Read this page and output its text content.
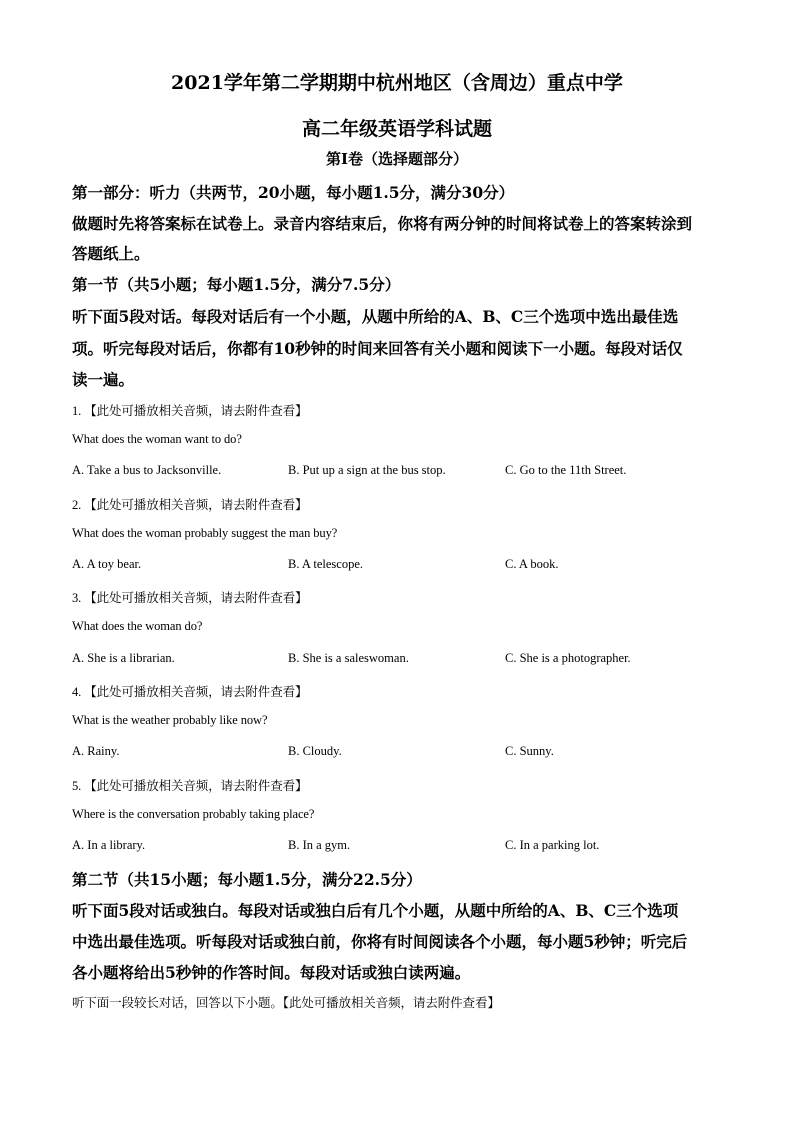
2021学年第二学期期中杭州地区（含周边）重点中学
高二年级英语学科试题
第Ⅰ卷（选择题部分）
第一部分：听力（共两节，20小题，每小题1.5分，满分30分）
做题时先将答案标在试卷上。录音内容结束后，你将有两分钟的时间将试卷上的答案转涂到
答题纸上。
第一节（共5小题；每小题1.5分，满分7.5分）
听下面5段对话。每段对话后有一个小题，从题中所给的A、B、C三个选项中选出最佳选
项。听完每段对话后，你都有10秒钟的时间来回答有关小题和阅读下一小题。每段对话仅
读一遍。
1. 【此处可播放相关音频，请去附件查看】
What does the woman want to do?
A. Take a bus to Jacksonville.	B. Put up a sign at the bus stop.	C. Go to the 11th Street.
2. 【此处可播放相关音频，请去附件查看】
What does the woman probably suggest the man buy?
A. A toy bear.	B. A telescope.	C. A book.
3. 【此处可播放相关音频，请去附件查看】
What does the woman do?
A. She is a librarian.	B. She is a saleswoman.	C. She is a photographer.
4. 【此处可播放相关音频，请去附件查看】
What is the weather probably like now?
A. Rainy.	B. Cloudy.	C. Sunny.
5. 【此处可播放相关音频，请去附件查看】
Where is the conversation probably taking place?
A. In a library.	B. In a gym.	C. In a parking lot.
第二节（共15小题；每小题1.5分，满分22.5分）
听下面5段对话或独白。每段对话或独白后有几个小题，从题中所给的A、B、C三个选项
中选出最佳选项。听每段对话或独白前，你将有时间阅读各个小题，每小题5秒钟；听完后
各小题将给出5秒钟的作答时间。每段对话或独白读两遍。
听下面一段较长对话，回答以下小题。【此处可播放相关音频，请去附件查看】
